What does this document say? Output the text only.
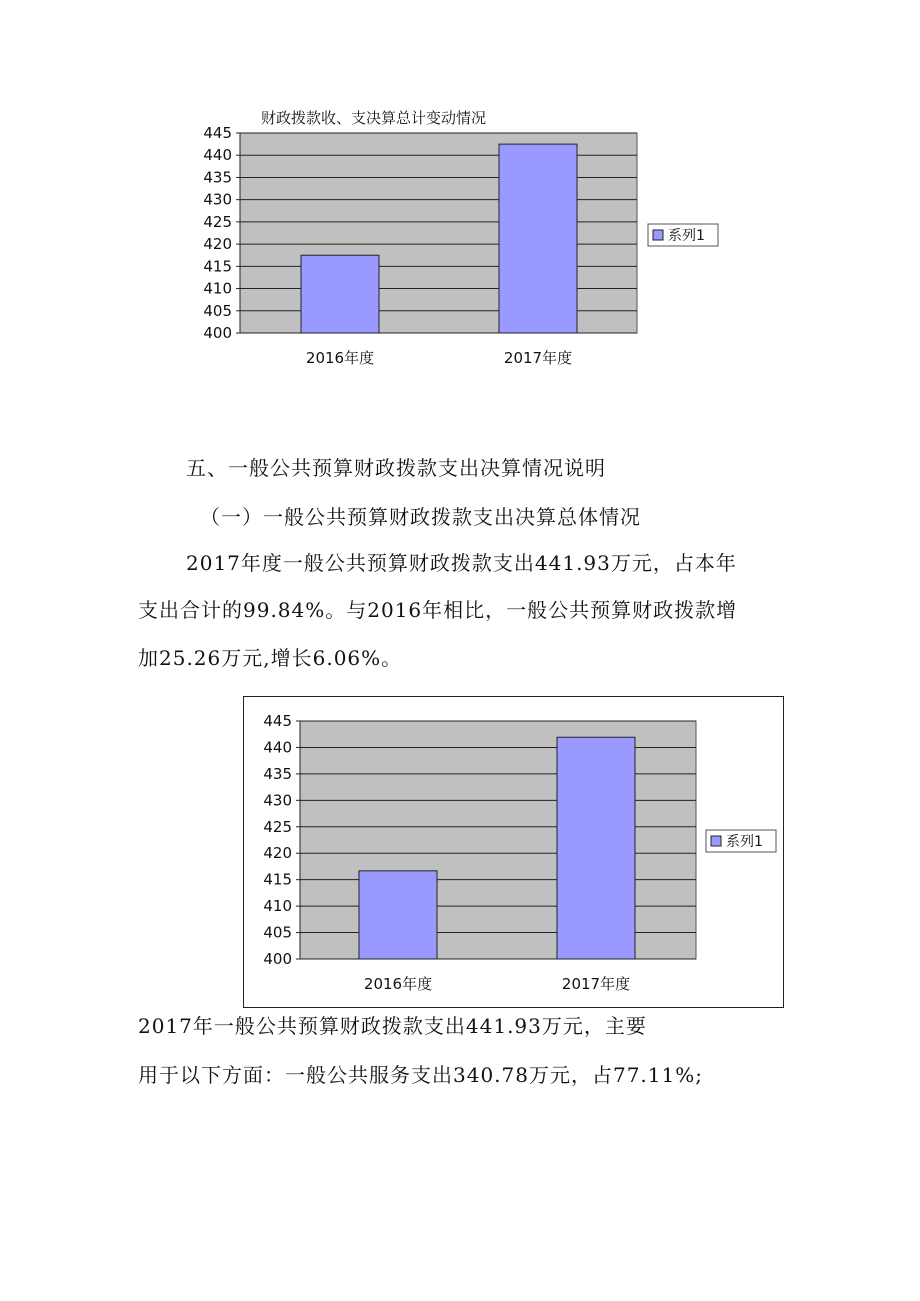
财政拨款收、支决算总计变动情况
400
405
410
415
420
425
430
435
440
445
2016年度	2017年度
系列1
五、一般公共预算财政拨款支出决算情况说明
（一）一般公共预算财政拨款支出决算总体情况
2017年度一般公共预算财政拨款支出441.93万元，占本年
支出合计的99.84%。与2016年相比，一般公共预算财政拨款增
加25.26万元,增长6.06%。
400
405
410
415
420
425
430
435
440
445
2016年度	2017年度
系列1
2017年一般公共预算财政拨款支出441.93万元，主要
用于以下方面：一般公共服务支出340.78万元，占77.11%;
